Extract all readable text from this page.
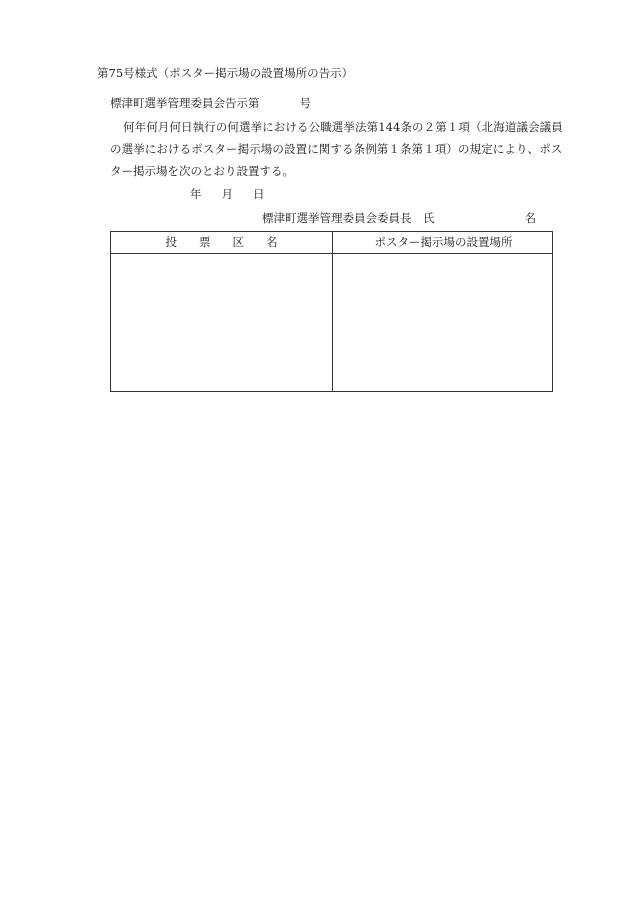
第75号様式（ポスター掲示場の設置場所の告示）
標津町選挙管理委員会告示第	号
何年何月何日執行の何選挙における公職選挙法第144条の２第１項（北海道議会議員
の選挙におけるポスター掲示場の設置に関する条例第１条第１項）の規定により、ポス
ター掲示場を次のとおり設置する。
年 月 日
標津町選挙管理委員会委員長　氏	名
投票区名	ポスター掲示場の設置場所
